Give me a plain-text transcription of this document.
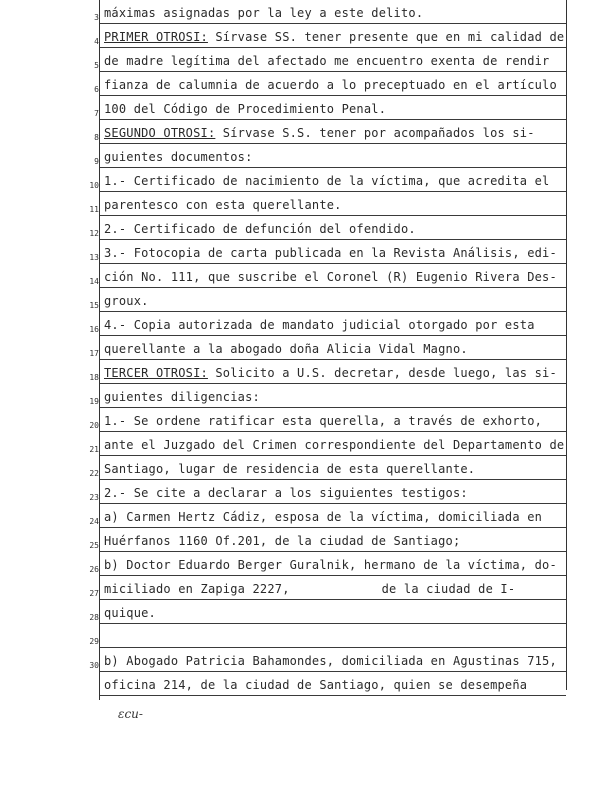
3 máximas asignadas por la ley a este delito.
4 PRIMER OTROSI: Sírvase SS. tener presente que en mi calidad de
5 de madre legítima del afectado me encuentro exenta de rendir
6 fianza de calumnia de acuerdo a lo preceptuado en el artículo
7 100 del Código de Procedimiento Penal.
8 SEGUNDO OTROSI: Sírvase S.S. tener por acompañados los si-
9 guientes documentos:
10 1.- Certificado de nacimiento de la víctima, que acredita el
11 parentesco con esta querellante.
12 2.- Certificado de defunción del ofendido.
13 3.- Fotocopia de carta publicada en la Revista Análisis, edi-
14 ción No. 111, que suscribe el Coronel (R) Eugenio Rivera Des-
15 groux.
16 4.- Copia autorizada de mandato judicial otorgado por esta
17 querellante a la abogado doña Alicia Vidal Magno.
18 TERCER OTROSI: Solicito a U.S. decretar, desde luego, las si-
19 guientes diligencias:
20 1.- Se ordene ratificar esta querella, a través de exhorto,
21 ante el Juzgado del Crimen correspondiente del Departamento de
22 Santiago, lugar de residencia de esta querellante.
23 2.- Se cite a declarar a los siguientes testigos:
24 a) Carmen Hertz Cádiz, esposa de la víctima, domiciliada en
25 Huérfanos 1160 Of.201, de la ciudad de Santiago;
26 b) Doctor Eduardo Berger Guralnik, hermano de la víctima, do-
27 miciliado en Zapiga 2227,	de la ciudad de I-
28 quique.
29
30 b) Abogado Patricia Bahamondes, domiciliada en Agustinas 715,
oficina 214, de la ciudad de Santiago, quien se desempeña
ɛcu-
